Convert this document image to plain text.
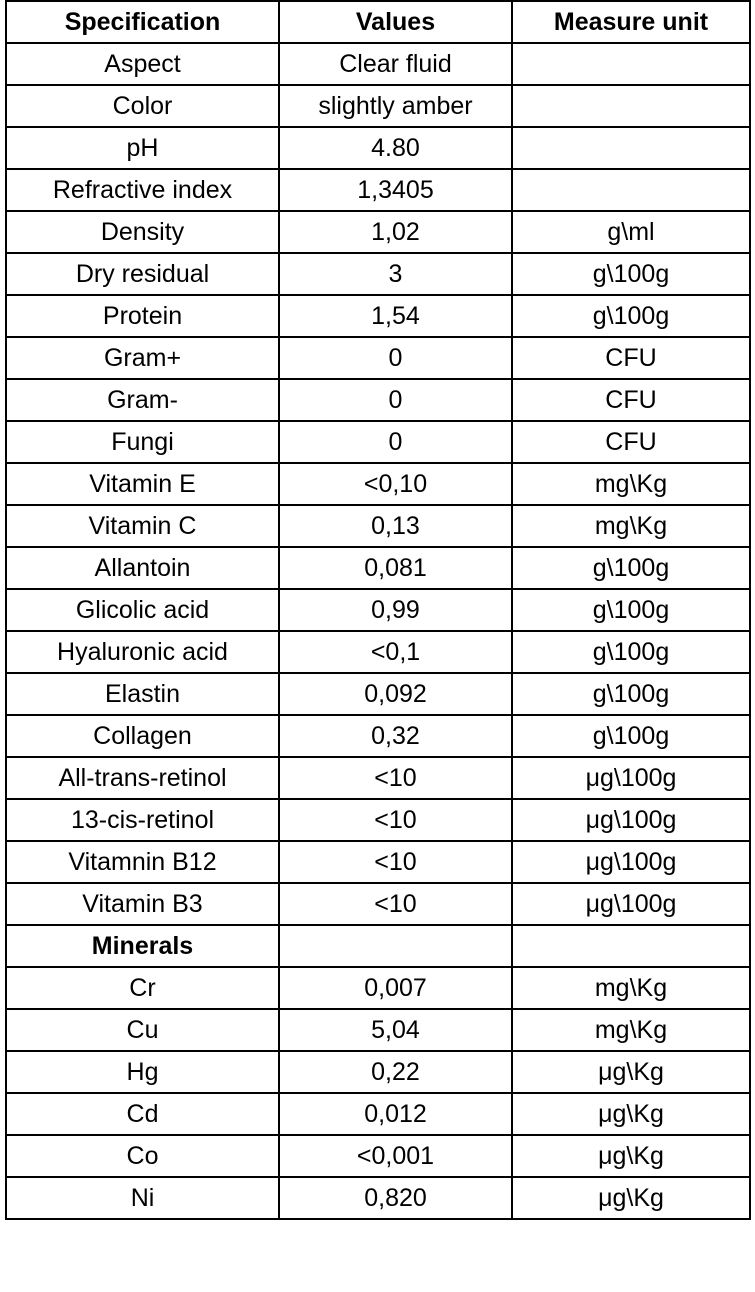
Specification	Values	Measure unit
Aspect	Clear fluid	
Color	slightly amber	
pH	4.80	
Refractive index	1,3405	
Density	1,02	g\ml
Dry residual	3	g\100g
Protein	1,54	g\100g
Gram+	0	CFU
Gram-	0	CFU
Fungi	0	CFU
Vitamin E	<0,10	mg\Kg
Vitamin C	0,13	mg\Kg
Allantoin	0,081	g\100g
Glicolic acid	0,99	g\100g
Hyaluronic acid	<0,1	g\100g
Elastin	0,092	g\100g
Collagen	0,32	g\100g
All-trans-retinol	<10	μg\100g
13-cis-retinol	<10	μg\100g
Vitamnin B12	<10	μg\100g
Vitamin B3	<10	μg\100g
Minerals		
Cr	0,007	mg\Kg
Cu	5,04	mg\Kg
Hg	0,22	μg\Kg
Cd	0,012	μg\Kg
Co	<0,001	μg\Kg
Ni	0,820	μg\Kg
